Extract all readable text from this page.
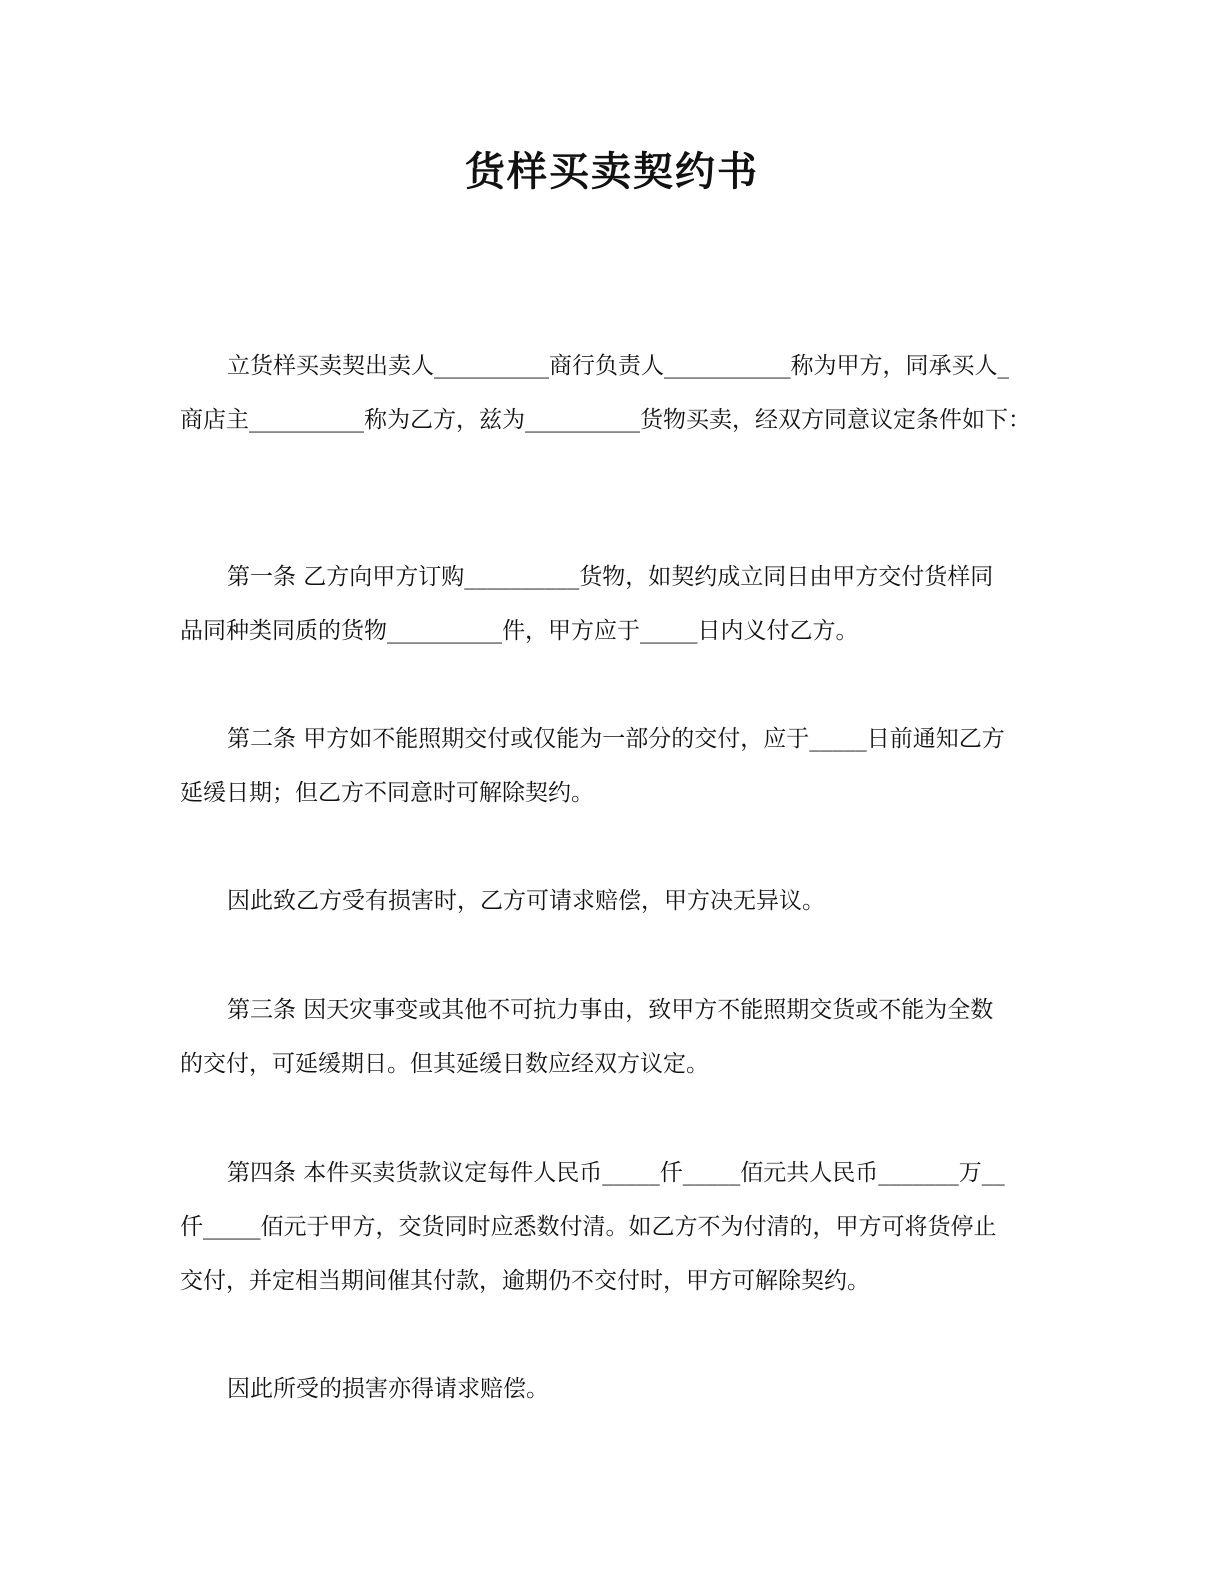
货样买卖契约书

立货样买卖契出卖人__________商行负责人___________称为甲方，同承买人_

商店主__________称为乙方，兹为__________货物买卖，经双方同意议定条件如下：

第一条 乙方向甲方订购__________货物，如契约成立同日由甲方交付货样同

品同种类同质的货物__________件，甲方应于_____日内义付乙方。

第二条 甲方如不能照期交付或仅能为一部分的交付，应于_____日前通知乙方

延缓日期；但乙方不同意时可解除契约。

因此致乙方受有损害时，乙方可请求赔偿，甲方决无异议。

第三条 因天灾事变或其他不可抗力事由，致甲方不能照期交货或不能为全数

的交付，可延缓期日。但其延缓日数应经双方议定。

第四条 本件买卖货款议定每件人民币_____仟_____佰元共人民币_______万__

仟_____佰元于甲方，交货同时应悉数付清。如乙方不为付清的，甲方可将货停止

交付，并定相当期间催其付款，逾期仍不交付时，甲方可解除契约。

因此所受的损害亦得请求赔偿。
